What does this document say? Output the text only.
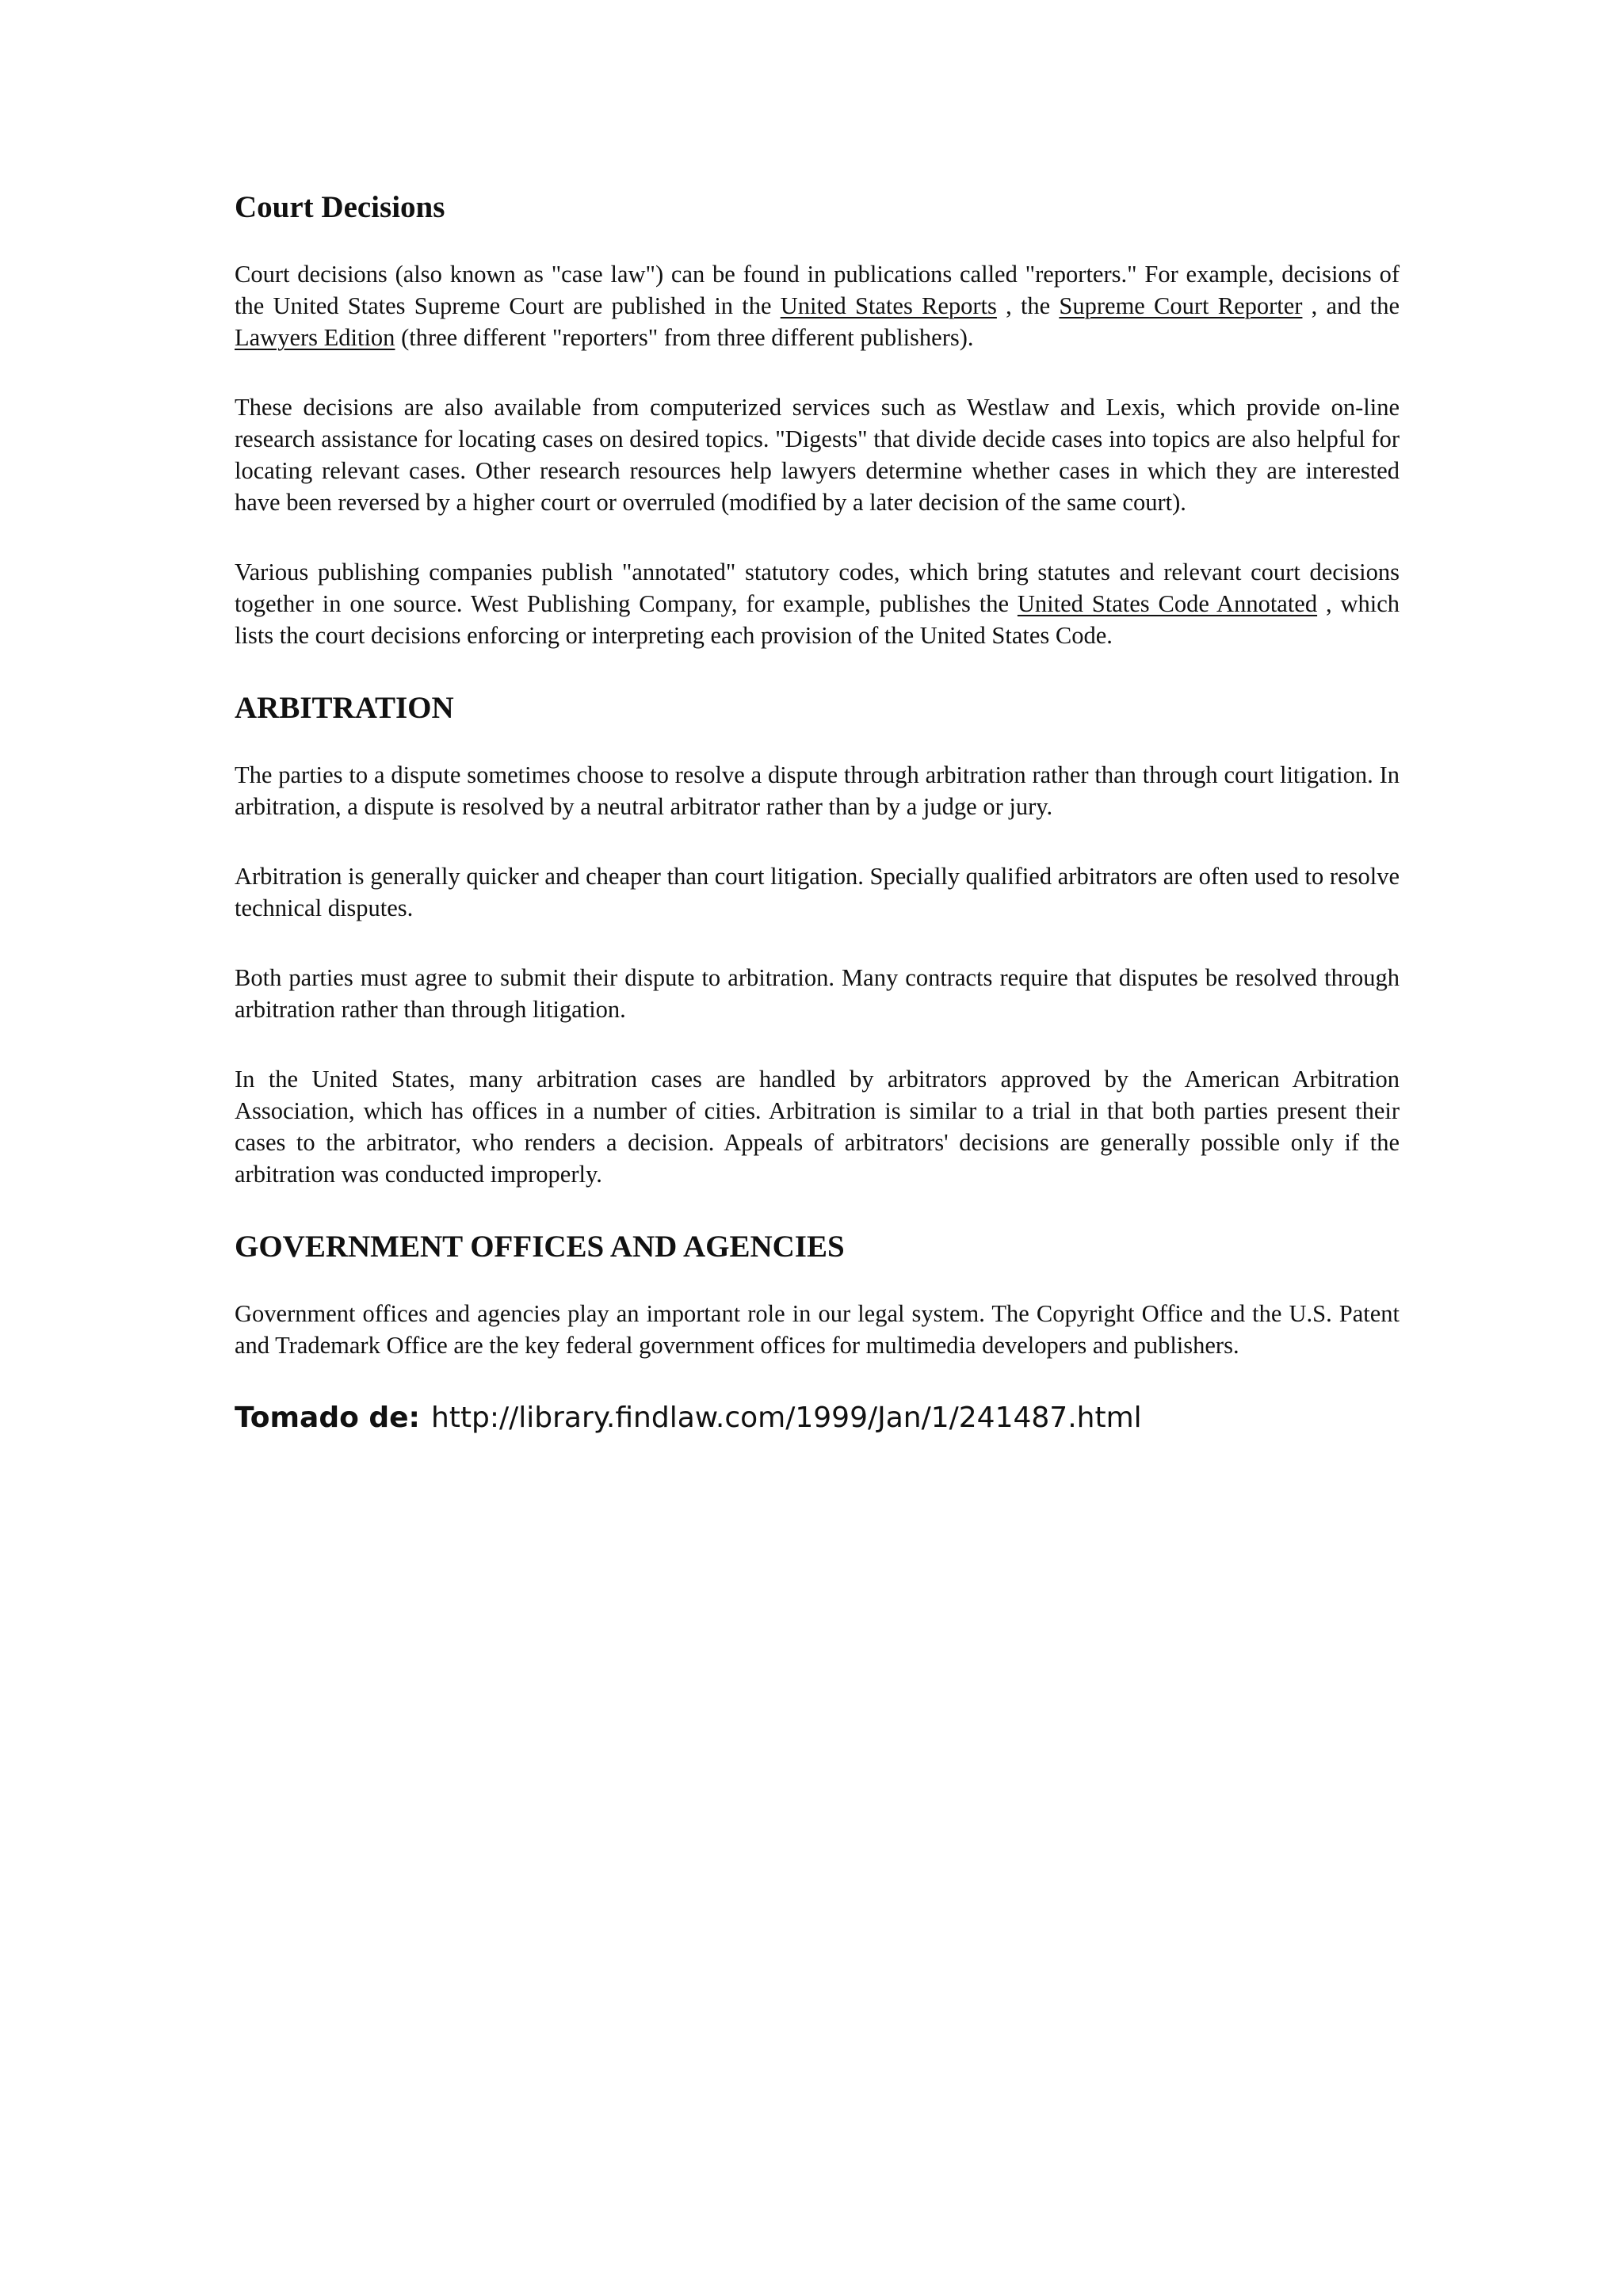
Court Decisions

Court decisions (also known as "case law") can be found in publications called "reporters." For example, decisions of the United States Supreme Court are published in the United States Reports , the Supreme Court Reporter , and the Lawyers Edition (three different "reporters" from three different publishers).

These decisions are also available from computerized services such as Westlaw and Lexis, which provide on-line research assistance for locating cases on desired topics. "Digests" that divide decide cases into topics are also helpful for locating relevant cases. Other research resources help lawyers determine whether cases in which they are interested have been reversed by a higher court or overruled (modified by a later decision of the same court).

Various publishing companies publish "annotated" statutory codes, which bring statutes and relevant court decisions together in one source. West Publishing Company, for example, publishes the United States Code Annotated , which lists the court decisions enforcing or interpreting each provision of the United States Code.

ARBITRATION

The parties to a dispute sometimes choose to resolve a dispute through arbitration rather than through court litigation. In arbitration, a dispute is resolved by a neutral arbitrator rather than by a judge or jury.

Arbitration is generally quicker and cheaper than court litigation. Specially qualified arbitrators are often used to resolve technical disputes.

Both parties must agree to submit their dispute to arbitration. Many contracts require that disputes be resolved through arbitration rather than through litigation.

In the United States, many arbitration cases are handled by arbitrators approved by the American Arbitration Association, which has offices in a number of cities. Arbitration is similar to a trial in that both parties present their cases to the arbitrator, who renders a decision. Appeals of arbitrators' decisions are generally possible only if the arbitration was conducted improperly.

GOVERNMENT OFFICES AND AGENCIES

Government offices and agencies play an important role in our legal system. The Copyright Office and the U.S. Patent and Trademark Office are the key federal government offices for multimedia developers and publishers.

Tomado de: http://library.findlaw.com/1999/Jan/1/241487.html
